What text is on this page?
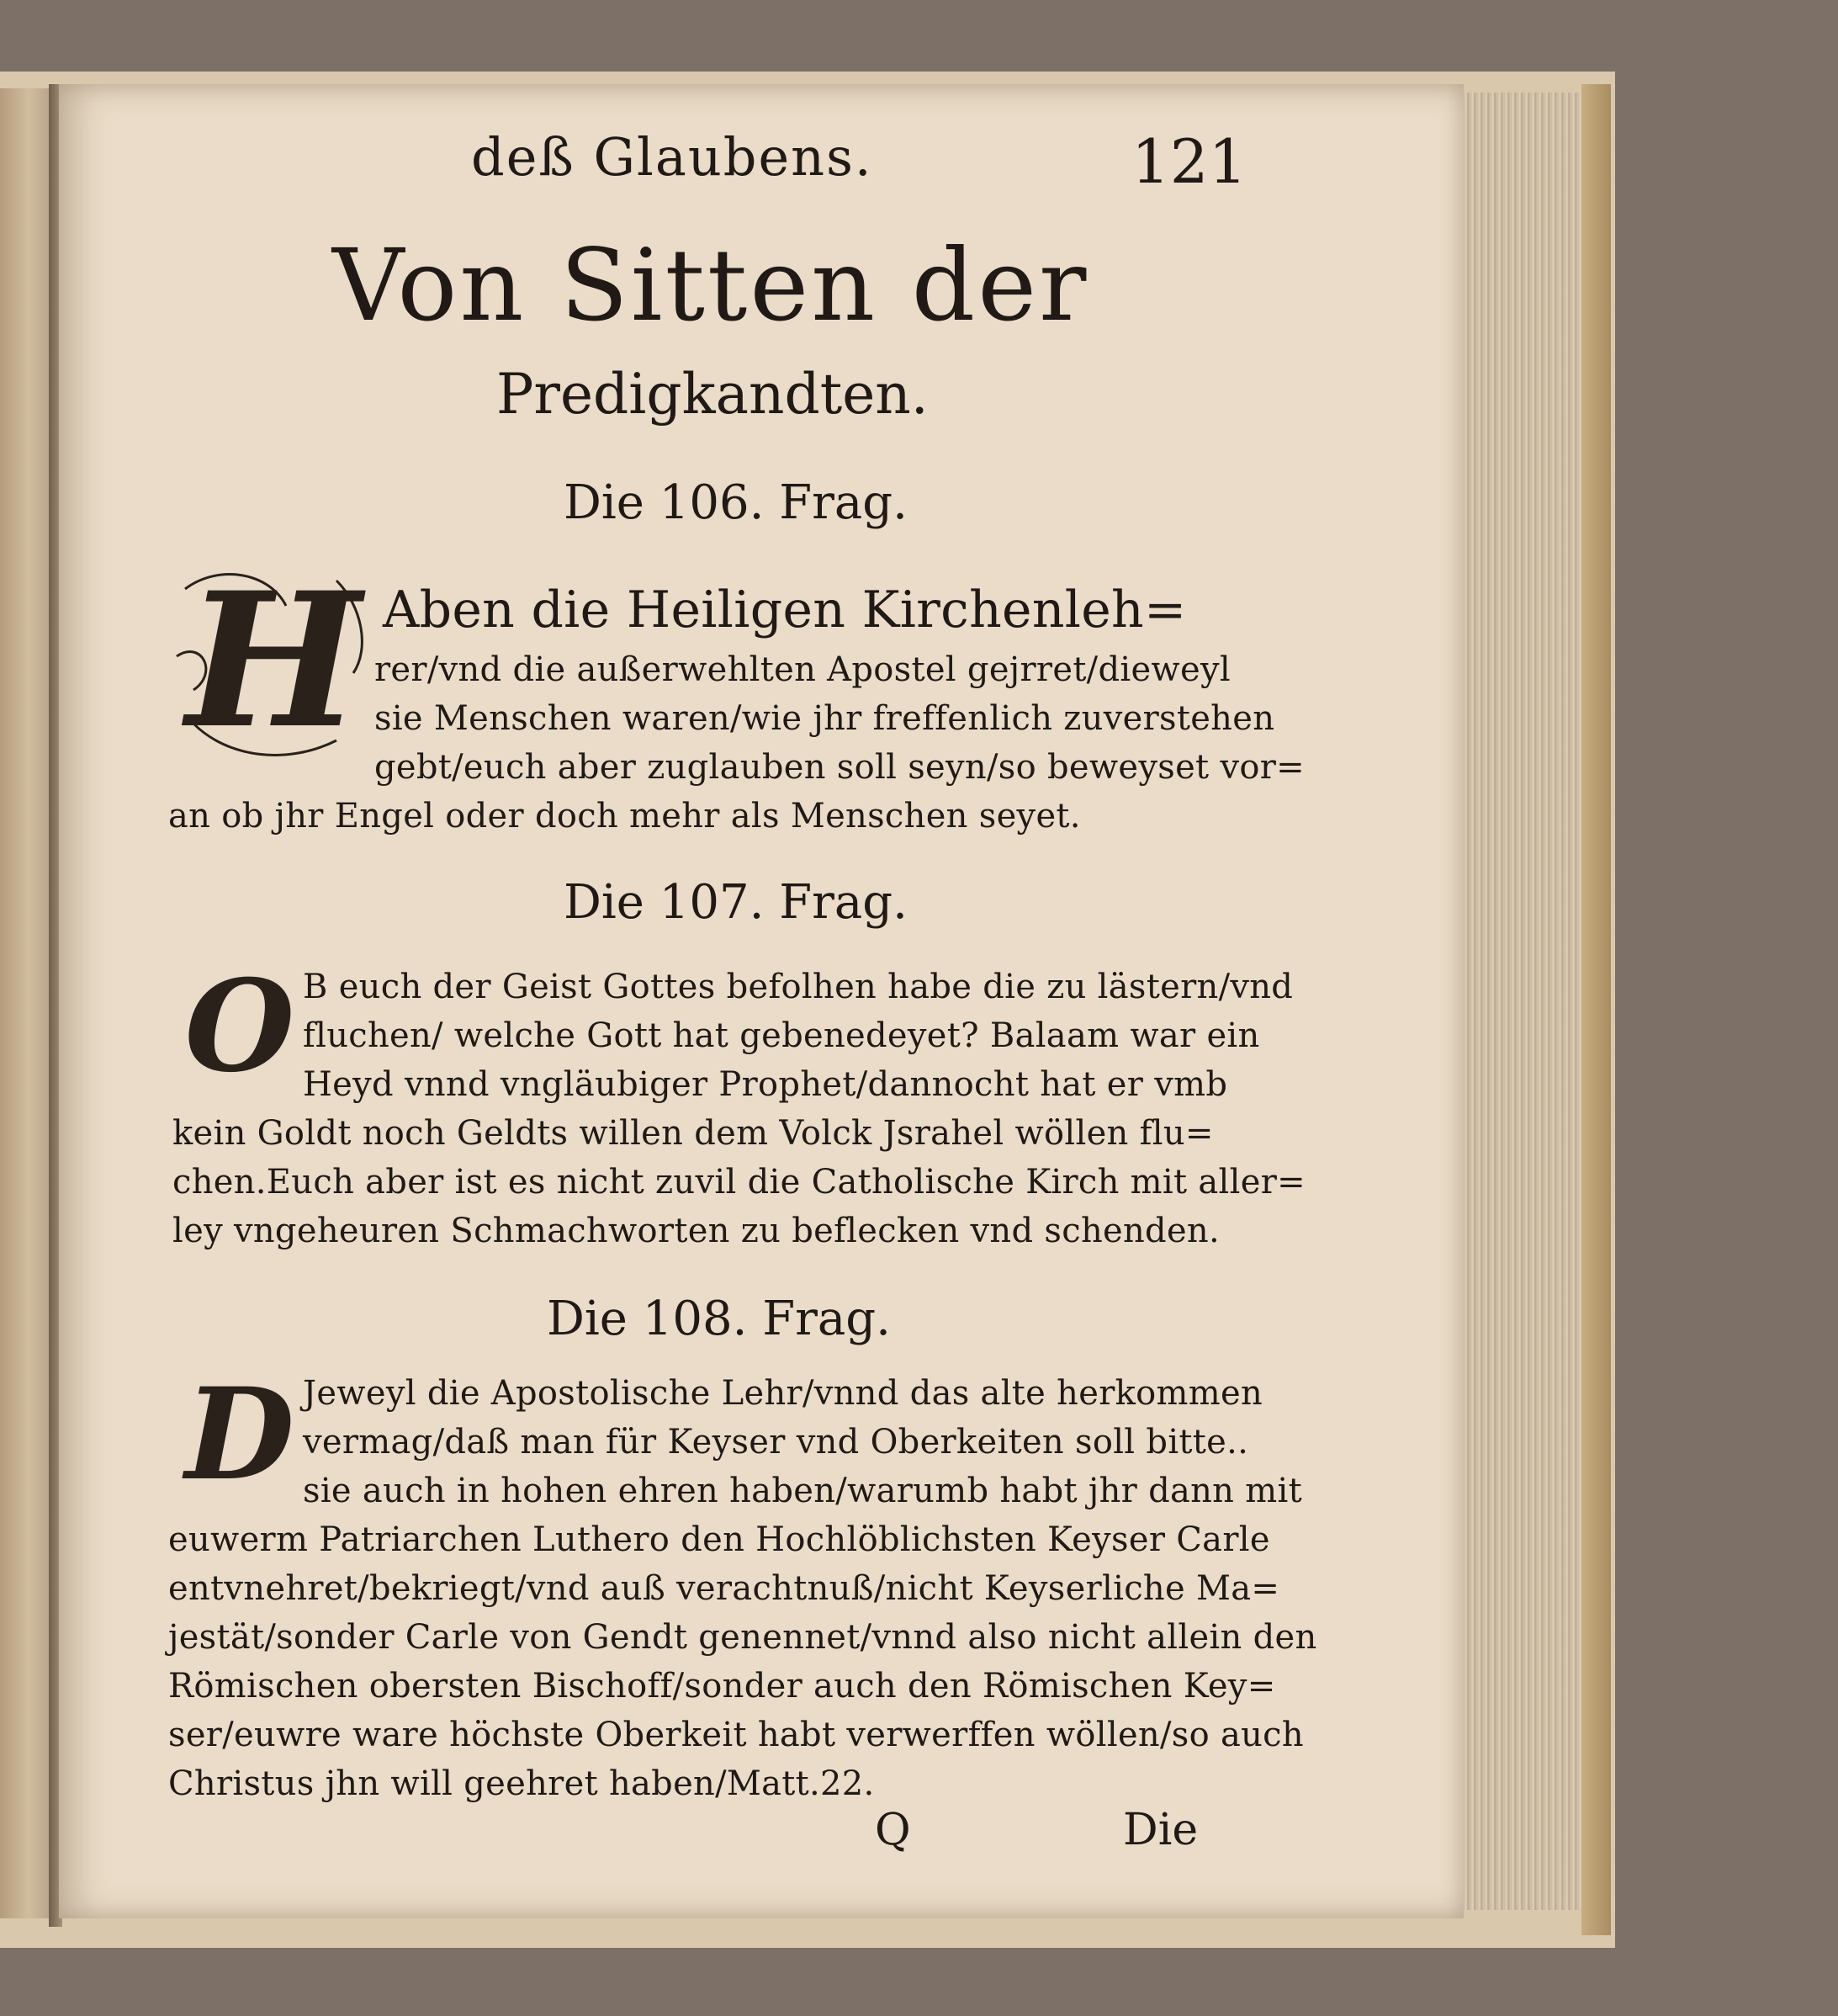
deß Glaubens.	121
Von Sitten der
Predigkandten.
Die 106. Frag.
H Aben die Heiligen Kirchenleh=
rer/vnd die außerwehlten Apostel gejrret/dieweyl
sie Menschen waren/wie jhr freffenlich zuverstehen
gebt/euch aber zuglauben soll seyn/so beweyset vor=
an ob jhr Engel oder doch mehr als Menschen seyet.
Die 107. Frag.
O B euch der Geist Gottes befolhen habe die zu lästern/vnd
fluchen/ welche Gott hat gebenedeyet? Balaam war ein
Heyd vnnd vngläubiger Prophet/dannocht hat er vmb
kein Goldt noch Geldts willen dem Volck Jsrahel wöllen flu=
chen.Euch aber ist es nicht zuvil die Catholische Kirch mit aller=
ley vngeheuren Schmachworten zu beflecken vnd schenden.
Die 108. Frag.
D Jeweyl die Apostolische Lehr/vnnd das alte herkommen
vermag/daß man für Keyser vnd Oberkeiten soll bitte..
sie auch in hohen ehren haben/warumb habt jhr dann mit
euwerm Patriarchen Luthero den Hochlöblichsten Keyser Carle
entvnehret/bekriegt/vnd auß verachtnuß/nicht Keyserliche Ma=
jestät/sonder Carle von Gendt genennet/vnnd also nicht allein den
Römischen obersten Bischoff/sonder auch den Römischen Key=
ser/euwre ware höchste Oberkeit habt verwerffen wöllen/so auch
Christus jhn will geehret haben/Matt.22.
Q	Die
